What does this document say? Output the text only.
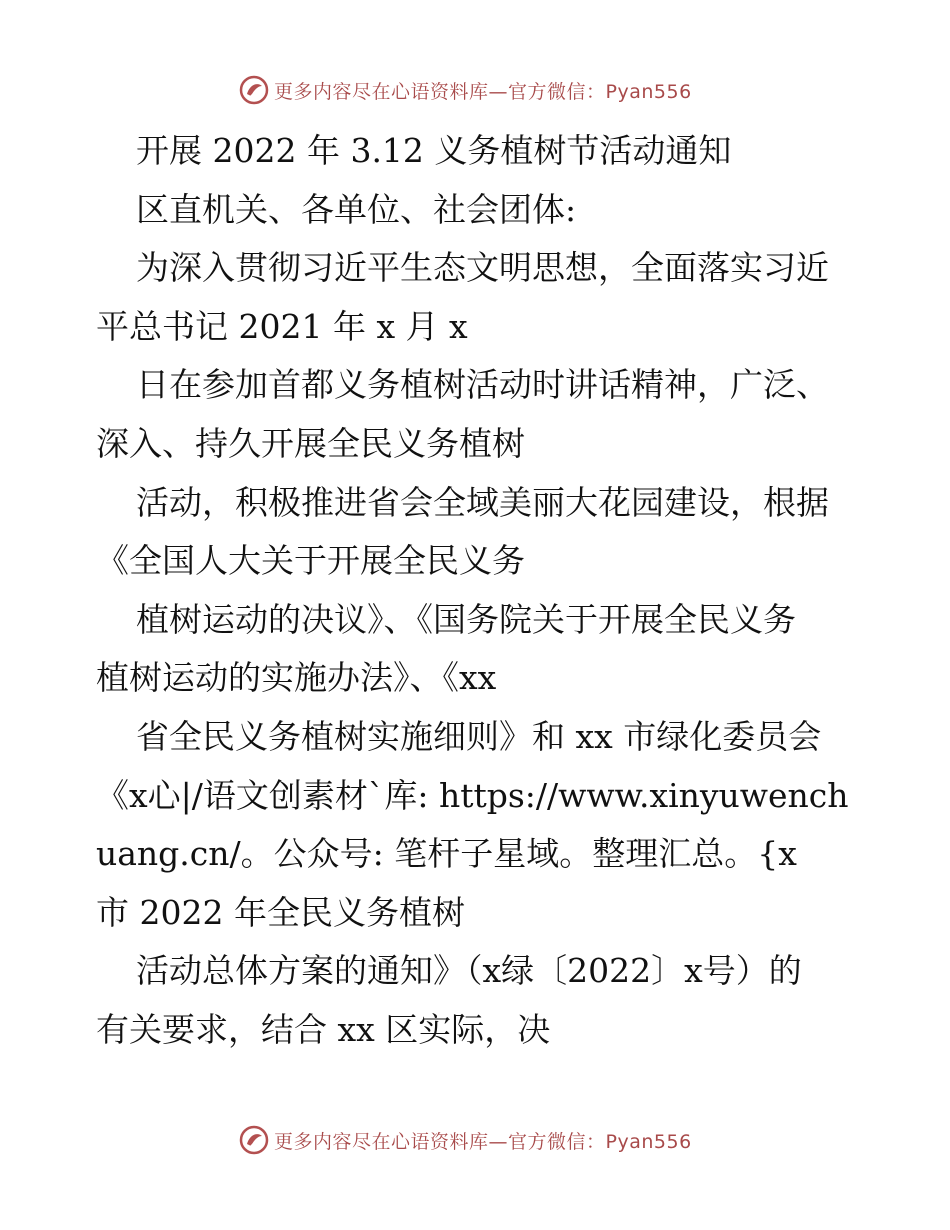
更多内容尽在心语资料库—官方微信：Pyan556
开展 2022 年 3.12 义务植树节活动通知
区直机关、各单位、社会团体:
为深入贯彻习近平生态文明思想，全面落实习近
平总书记 2021 年 x 月 x
日在参加首都义务植树活动时讲话精神，广泛、
深入、持久开展全民义务植树
活动，积极推进省会全域美丽大花园建设，根据
《全国人大关于开展全民义务
植树运动的决议》、《国务院关于开展全民义务
植树运动的实施办法》、《xx
省全民义务植树实施细则》和 xx 市绿化委员会
《x心|/语文创素材`库: https://www.xinyuwench
uang.cn/。公众号: 笔杆子星域。整理汇总。{x
市 2022 年全民义务植树
活动总体方案的通知》（x绿〔2022〕x号）的
有关要求，结合 xx 区实际，决
更多内容尽在心语资料库—官方微信：Pyan556
